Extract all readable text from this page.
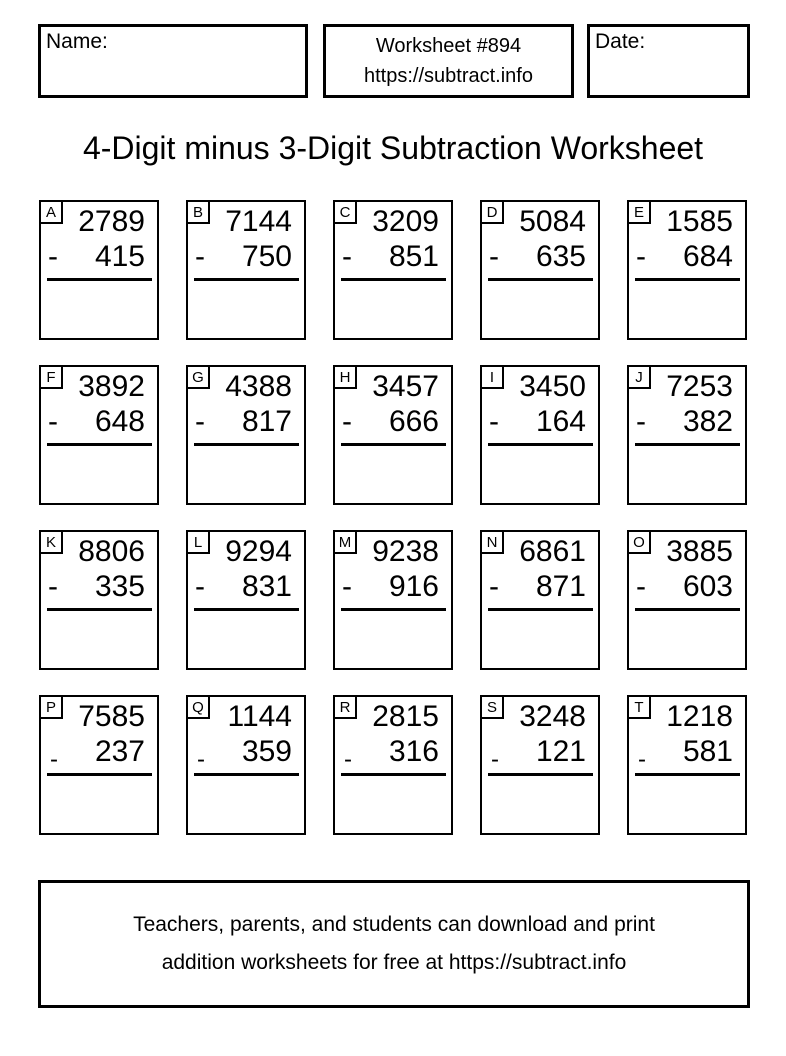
Name:	Worksheet #894
https://subtract.info
Date:
4-Digit minus 3-Digit Subtraction Worksheet
A 2789
- 415
B 7144
- 750
C 3209
- 851
D 5084
- 635
E 1585
- 684
F 3892
- 648
G 4388
- 817
H 3457
- 666
I 3450
- 164
J 7253
- 382
K 8806
- 335
L 9294
- 831
M 9238
- 916
N 6861
- 871
O 3885
- 603
P 7585
- 237
Q 1144
- 359
R 2815
- 316
S 3248
- 121
T 1218
- 581
Teachers, parents, and students can download and print
addition worksheets for free at https://subtract.info
